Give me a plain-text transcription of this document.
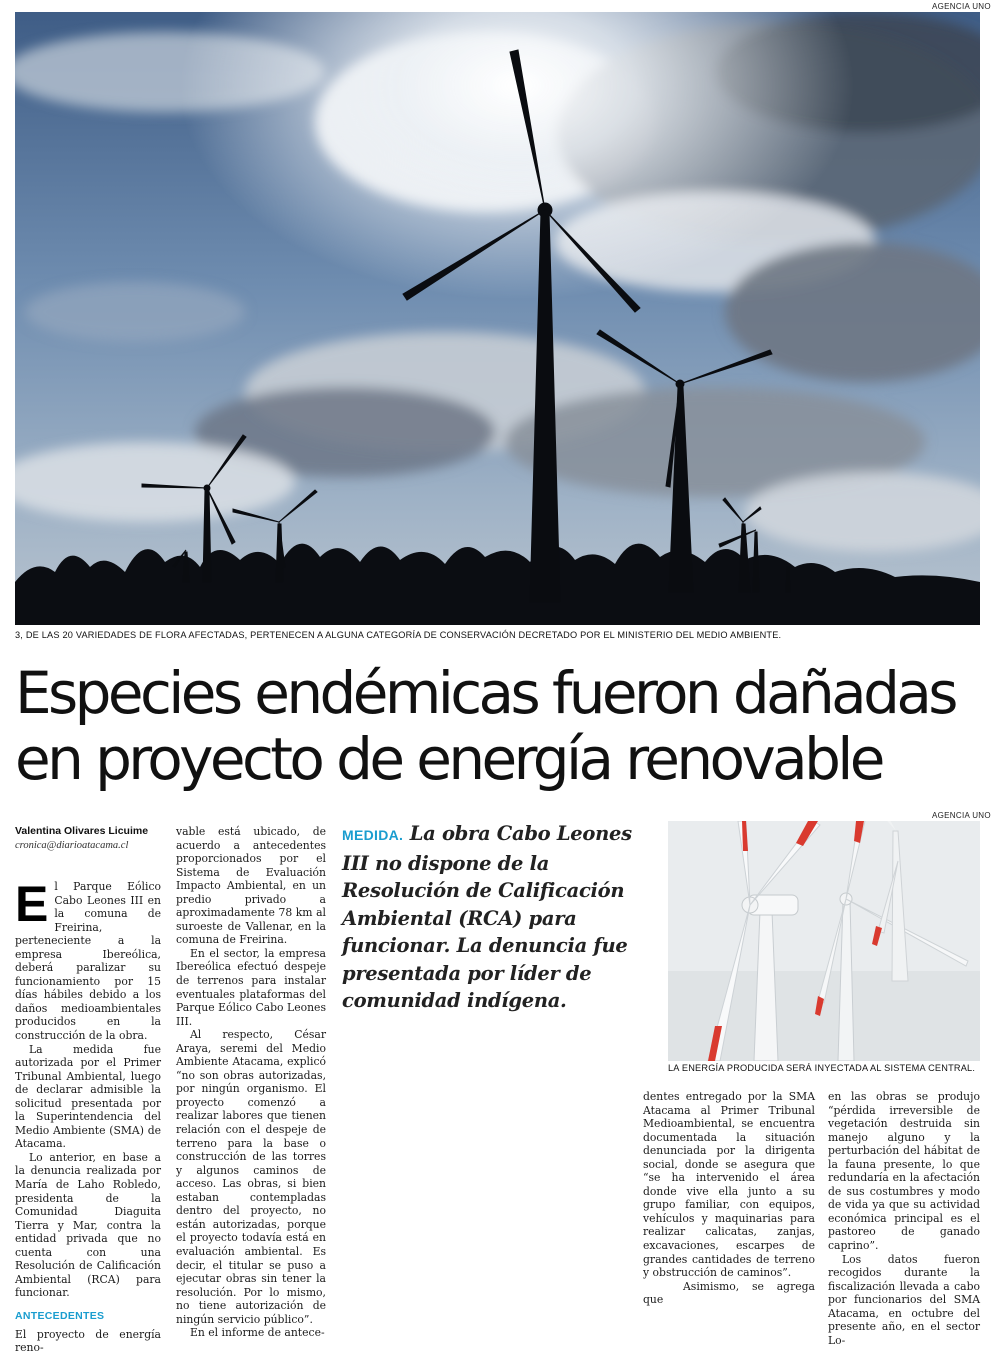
AGENCIA UNO
3, DE LAS 20 VARIEDADES DE FLORA AFECTADAS, PERTENECEN A ALGUNA CATEGORÍA DE CONSERVACIÓN DECRETADO POR EL MINISTERIO DEL MEDIO AMBIENTE.
Especies endémicas fueron dañadas
en proyecto de energía renovable
Valentina Olivares Licuime
cronica@diarioatacama.cl
E l Parque Eólico Cabo Leones III en la comuna de Freirina, perteneciente a la empresa Ibereólica, deberá paralizar su funcionamiento por 15 días hábiles debido a los daños medioambientales producidos en la construcción de la obra.

La medida fue autorizada por el Primer Tribunal Ambiental, luego de declarar admisible la solicitud presentada por la Superintendencia del Medio Ambiente (SMA) de Atacama.

Lo anterior, en base a la denuncia realizada por María de Laho Robledo, presidenta de la Comunidad Diaguita Tierra y Mar, contra la entidad privada que no cuenta con una Resolución de Calificación Ambiental (RCA) para funcionar.

ANTECEDENTES

El proyecto de energía reno-

vable está ubicado, de acuerdo a antecedentes proporcionados por el Sistema de Evaluación Impacto Ambiental, en un predio privado a aproximadamente 78 km al suroeste de Vallenar, en la comuna de Freirina.

En el sector, la empresa Ibereólica efectuó despeje de terrenos para instalar eventuales plataformas del Parque Eólico Cabo Leones III.

Al respecto, César Araya, seremi del Medio Ambiente Atacama, explicó “no son obras autorizadas, por ningún organismo. El proyecto comenzó a realizar labores que tienen relación con el despeje de terreno para la base o construcción de las torres y algunos caminos de acceso. Las obras, si bien estaban contempladas dentro del proyecto, no están autorizadas, porque el proyecto todavía está en evaluación ambiental. Es decir, el titular se puso a ejecutar obras sin tener la resolución. Por lo mismo, no tiene autorización de ningún servicio público”.

En el informe de antece-

MEDIDA. La obra Cabo Leones III no dispone de la Resolución de Calificación Ambiental (RCA) para funcionar. La denuncia fue presentada por líder de comunidad indígena.
AGENCIA UNO
LA ENERGÍA PRODUCIDA SERÁ INYECTADA AL SISTEMA CENTRAL.

dentes entregado por la SMA Atacama al Primer Tribunal Medioambiental, se encuentra documentada la situación denunciada por la dirigenta social, donde se asegura que “se ha intervenido el área donde vive ella junto a su grupo familiar, con equipos, vehículos y maquinarias para realizar calicatas, zanjas, excavaciones, escarpes de grandes cantidades de terreno y obstrucción de caminos”.

Asimismo, se agrega que

en las obras se produjo “pérdida irreversible de vegetación destruida sin manejo alguno y la perturbación del hábitat de la fauna presente, lo que redundaría en la afectación de sus costumbres y modo de vida ya que su actividad económica principal es el pastoreo de ganado caprino”.

Los datos fueron recogidos durante la fiscalización llevada a cabo por funcionarios del SMA Atacama, en octubre del presente año, en el sector Lo-
